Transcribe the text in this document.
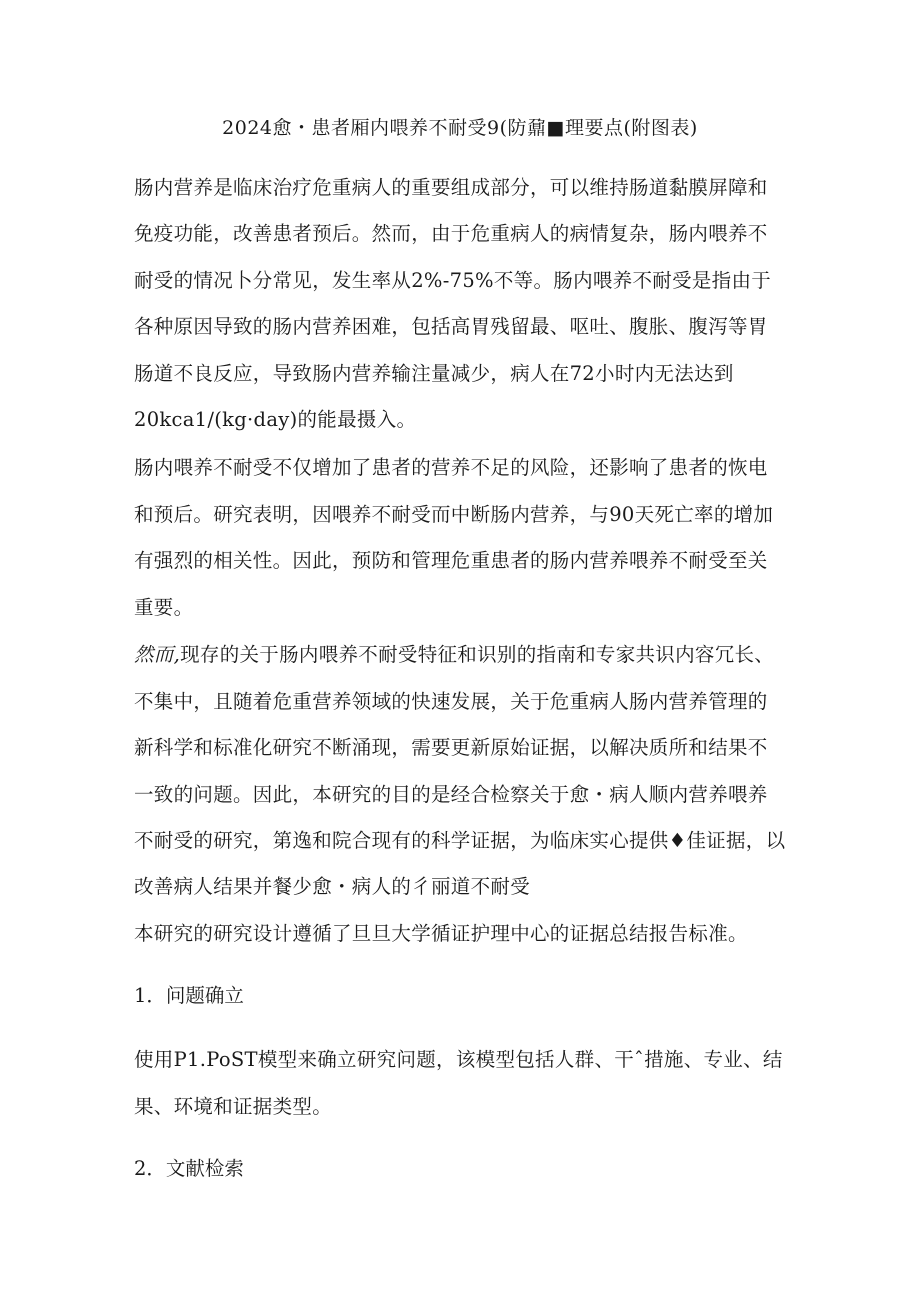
2024愈・患者厢内喂养不耐受9(防鼐■理要点(附图表)
肠内营养是临床治疗危重病人的重要组成部分，可以维持肠道黏膜屏障和
免疫功能，改善患者预后。然而，由于危重病人的病情复杂，肠内喂养不
耐受的情况卜分常见，发生率从2%-75%不等。肠内喂养不耐受是指由于
各种原因导致的肠内营养困难，包括高胃残留最、呕吐、腹胀、腹泻等胃
肠道不良反应，导致肠内营养输注量减少，病人在72小时内无法达到
20kca1∕(kg·day)的能最摄入。
肠内喂养不耐受不仅增加了患者的营养不足的风险，还影响了患者的恢电
和预后。研究表明，因喂养不耐受而中断肠内营养，与90天死亡率的增加
有强烈的相关性。因此，预防和管理危重患者的肠内营养喂养不耐受至关
重要。
然而,现存的关于肠内喂养不耐受特征和识别的指南和专家共识内容冗长、
不集中，且随着危重营养领域的快速发展，关于危重病人肠内营养管理的
新科学和标准化研究不断涌现，需要更新原始证据，以解决质所和结果不
一致的问题。因此，本研究的目的是经合检察关于愈・病人顺内营养喂养
不耐受的研究，第逸和院合现有的科学证据，为临床实心提供♦佳证据，以
改善病人结果并餐少愈・病人的彳丽道不耐受
本研究的研究设计遵循了旦旦大学循证护理中心的证据总结报告标准。
1．问题确立
使用P1.PoST模型来确立研究问题，该模型包括人群、干ˆ措施、专业、结
果、环境和证据类型。
2．文献检索
